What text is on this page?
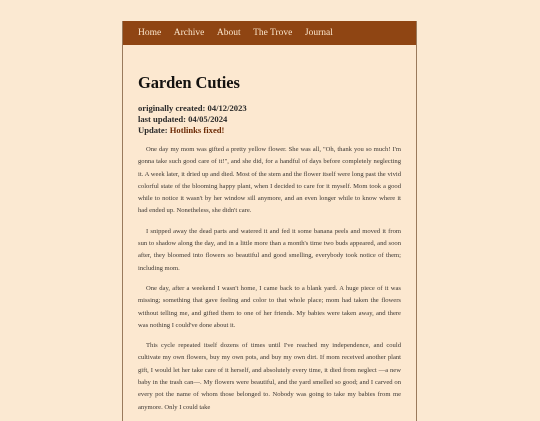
Home Archive About The Trove Journal
Garden Cuties
originally created: 04/12/2023
last updated: 04/05/2024
Update: Hotlinks fixed!

One day my mom was gifted a pretty yellow flower. She was all, "Oh, thank you so much! I'm gonna take such good care of it!", and she did, for a handful of days before completely neglecting it. A week later, it dried up and died. Most of the stem and the flower itself were long past the vivid colorful state of the blooming happy plant, when I decided to care for it myself. Mom took a good while to notice it wasn't by her window sill anymore, and an even longer while to know where it had ended up. Nonetheless, she didn't care.

I snipped away the dead parts and watered it and fed it some banana peels and moved it from sun to shadow along the day, and in a little more than a month's time two buds appeared, and soon after, they bloomed into flowers so beautiful and good smelling, everybody took notice of them; including mom.

One day, after a weekend I wasn't home, I came back to a blank yard. A huge piece of it was missing; something that gave feeling and color to that whole place; mom had taken the flowers without telling me, and gifted them to one of her friends. My babies were taken away, and there was nothing I could've done about it.

This cycle repeated itself dozens of times until I've reached my independence, and could cultivate my own flowers, buy my own pots, and buy my own dirt. If mom received another plant gift, I would let her take care of it herself, and absolutely every time, it died from neglect —a new baby in the trash can—. My flowers were beautiful, and the yard smelled so good; and I carved on every pot the name of whom those belonged to. Nobody was going to take my babies from me anymore. Only I could take
